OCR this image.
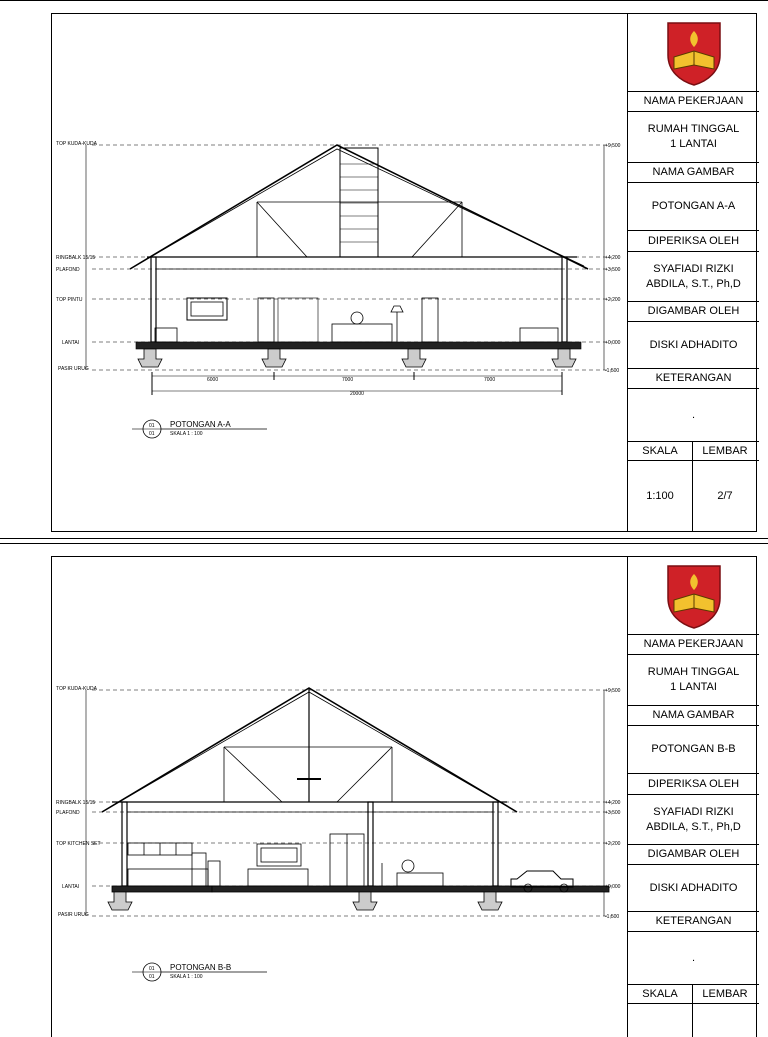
TOP KUDA-KUDA
RINGBALK 15/15
PLAFOND
TOP PINTU
LANTAI
PASIR URUG
+9,500
+4,200
+3,500
+2,200
+0,000
-1,500
6000	7000	7000
20000
01
01
POTONGAN A-A
SKALA 1 : 100
NAMA PEKERJAAN
RUMAH TINGGAL
1 LANTAI
NAMA GAMBAR
POTONGAN A-A
DIPERIKSA OLEH
SYAFIADI RIZKI
ABDILA, S.T., Ph,D
DIGAMBAR OLEH
DISKI ADHADITO
KETERANGAN
.
SKALA	LEMBAR
1:100	2/7
TOP KUDA-KUDA
RINGBALK 15/15
PLAFOND
TOP KITCHEN SET
LANTAI
PASIR URUG
+9,500
+4,200
+3,500
+2,200
+0,000
-1,500
01
01
POTONGAN B-B
SKALA 1 : 100
NAMA PEKERJAAN
RUMAH TINGGAL
1 LANTAI
NAMA GAMBAR
POTONGAN B-B
DIPERIKSA OLEH
SYAFIADI RIZKI
ABDILA, S.T., Ph,D
DIGAMBAR OLEH
DISKI ADHADITO
KETERANGAN
.
SKALA	LEMBAR
